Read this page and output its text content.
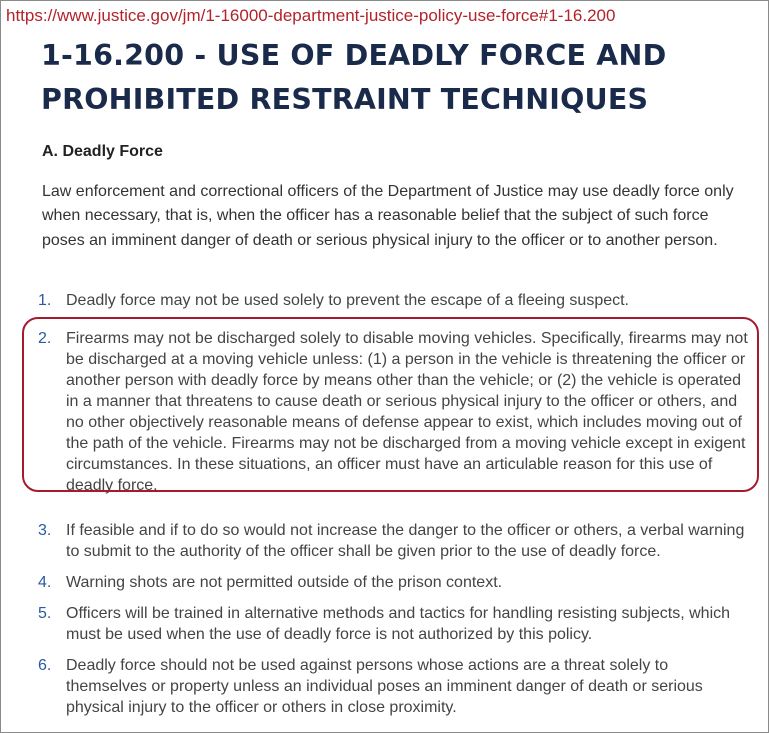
https://www.justice.gov/jm/1-16000-department-justice-policy-use-force#1-16.200
1-16.200 - USE OF DEADLY FORCE AND PROHIBITED RESTRAINT TECHNIQUES
A. Deadly Force

Law enforcement and correctional officers of the Department of Justice may use deadly force only when necessary, that is, when the officer has a reasonable belief that the subject of such force poses an imminent danger of death or serious physical injury to the officer or to another person.

1. Deadly force may not be used solely to prevent the escape of a fleeing suspect.
2. Firearms may not be discharged solely to disable moving vehicles. Specifically, firearms may not be discharged at a moving vehicle unless: (1) a person in the vehicle is threatening the officer or another person with deadly force by means other than the vehicle; or (2) the vehicle is operated in a manner that threatens to cause death or serious physical injury to the officer or others, and no other objectively reasonable means of defense appear to exist, which includes moving out of the path of the vehicle. Firearms may not be discharged from a moving vehicle except in exigent circumstances. In these situations, an officer must have an articulable reason for this use of deadly force.
3. If feasible and if to do so would not increase the danger to the officer or others, a verbal warning to submit to the authority of the officer shall be given prior to the use of deadly force.
4. Warning shots are not permitted outside of the prison context.
5. Officers will be trained in alternative methods and tactics for handling resisting subjects, which must be used when the use of deadly force is not authorized by this policy.
6. Deadly force should not be used against persons whose actions are a threat solely to themselves or property unless an individual poses an imminent danger of death or serious physical injury to the officer or others in close proximity.
